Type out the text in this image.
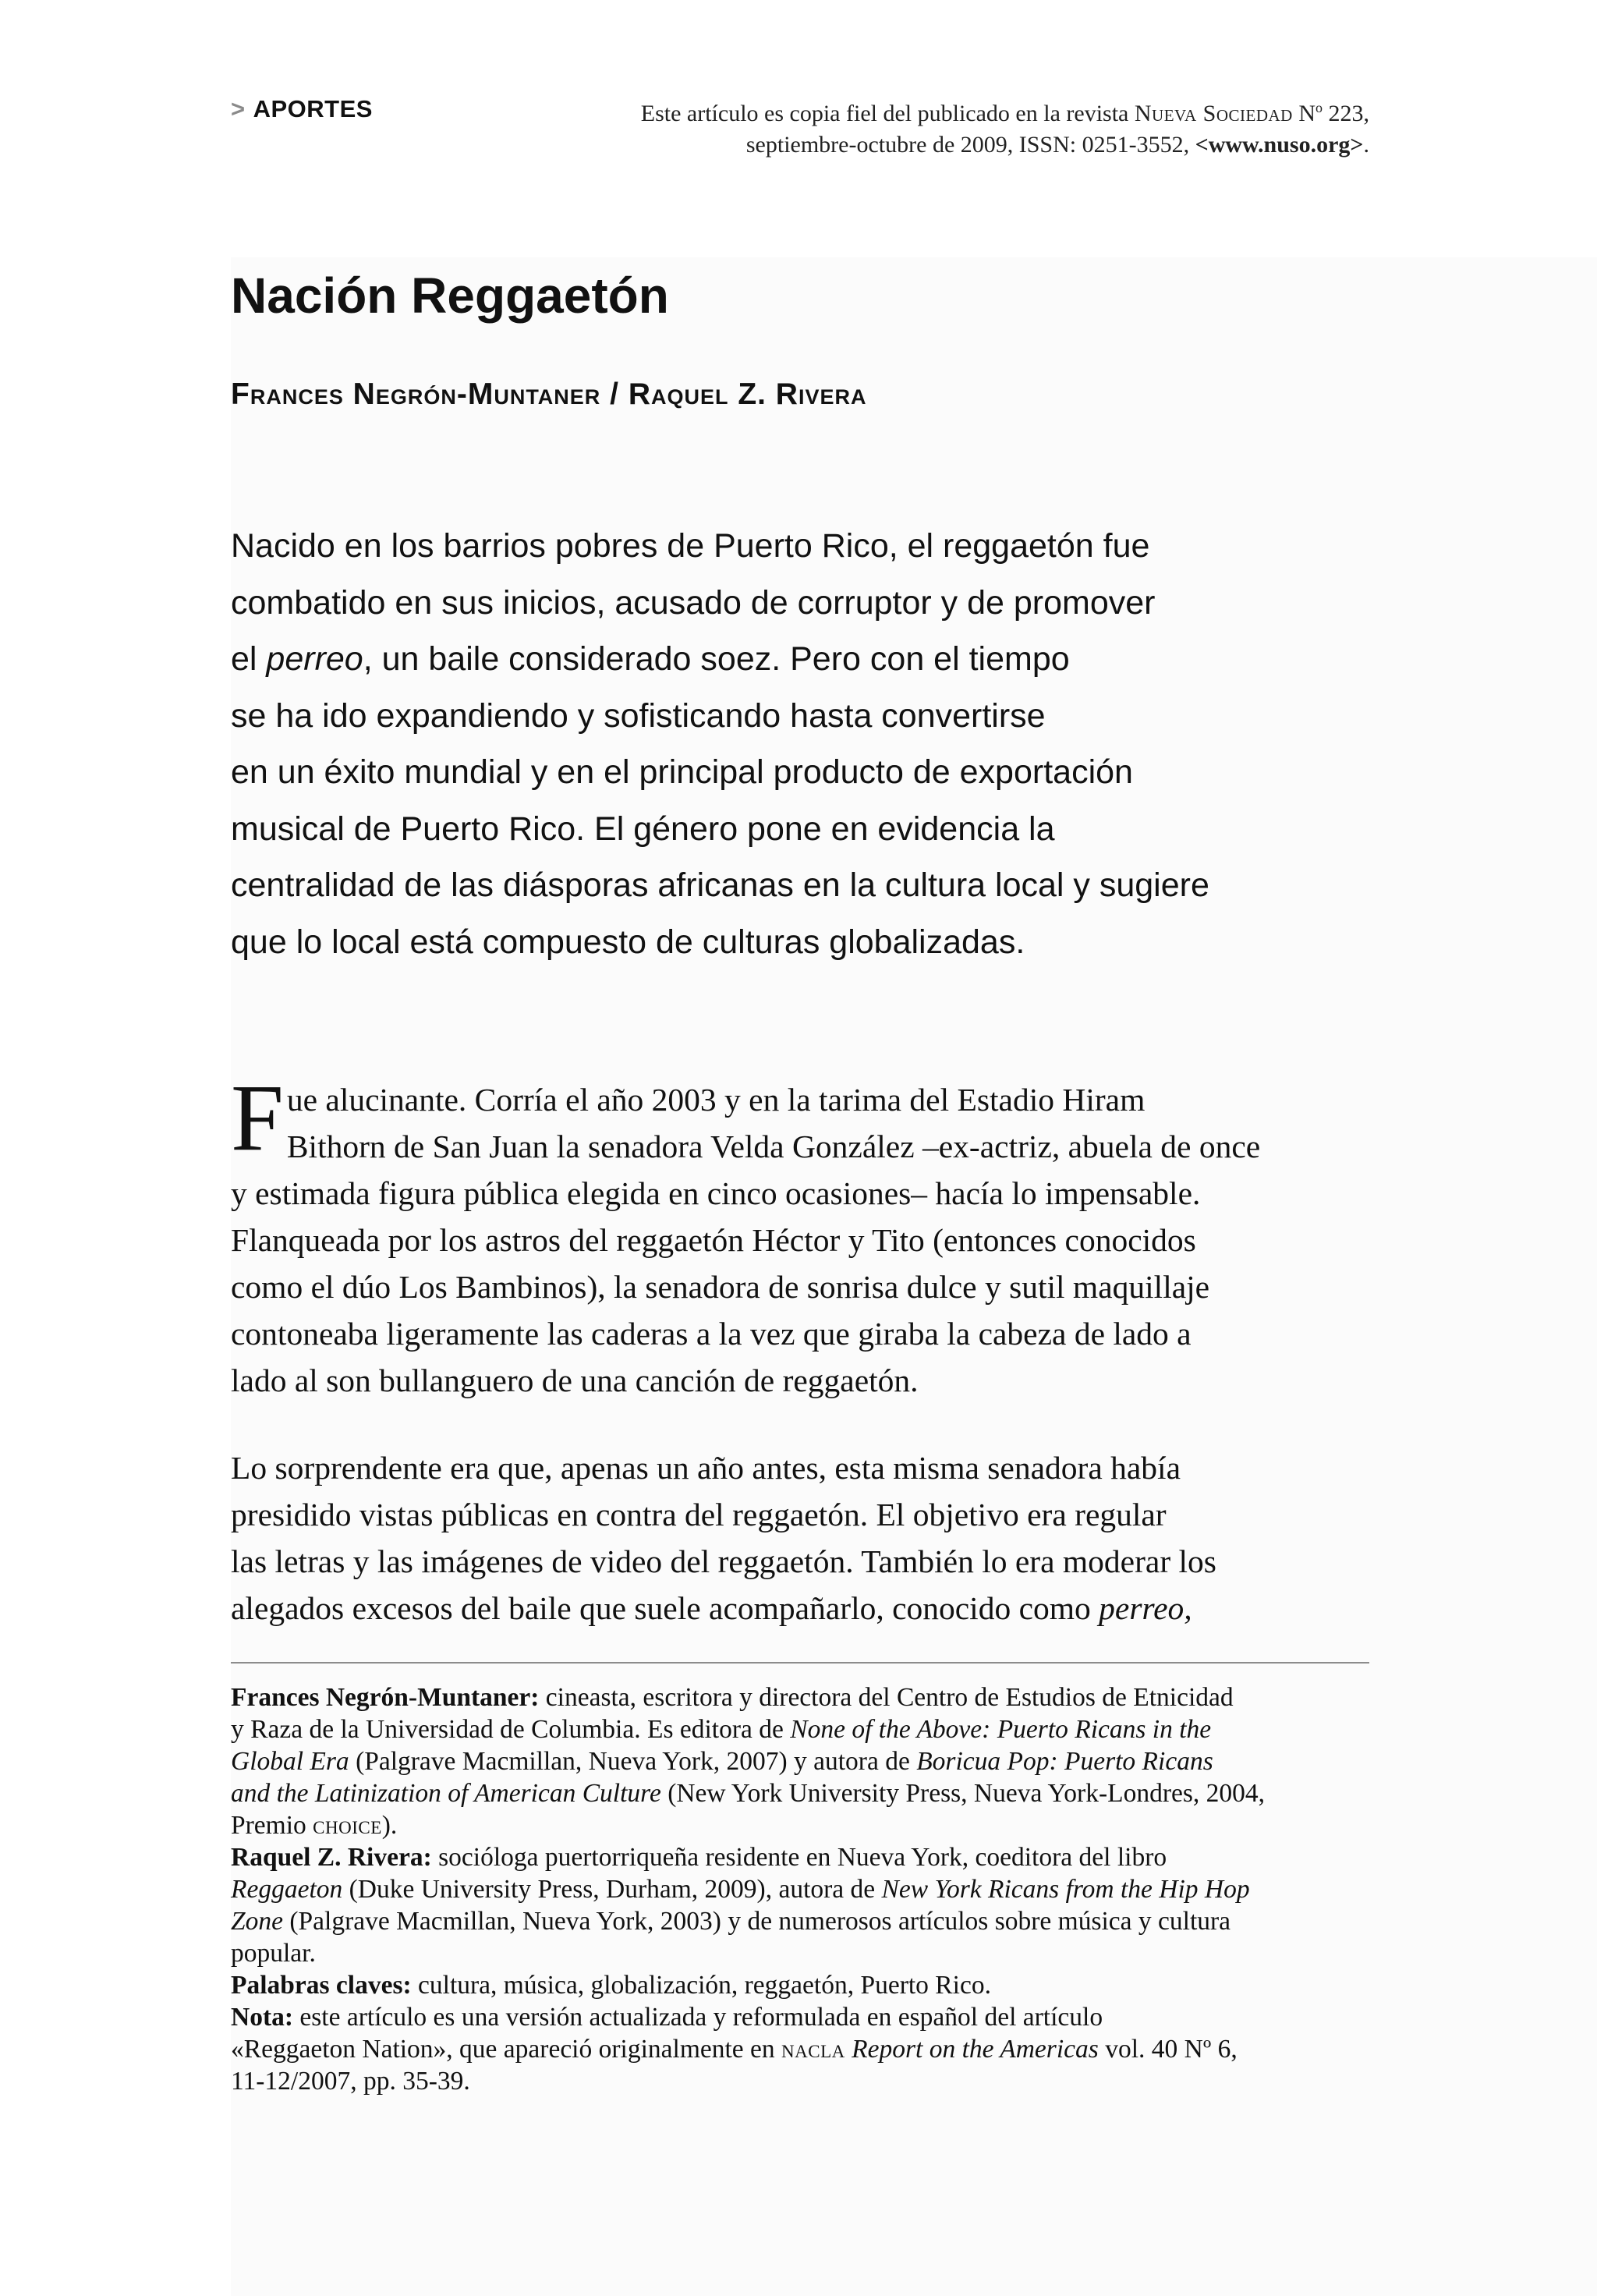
> APORTES	Este artículo es copia fiel del publicado en la revista Nueva Sociedad $N^o$ 223,
septiembre-octubre de 2009, ISSN: 0251-3552, <www.nuso.org>.
Nación Reggaetón
Frances Negrón-Muntaner / Raquel Z. Rivera

Nacido en los barrios pobres de Puerto Rico, el reggaetón fue
combatido en sus inicios, acusado de corruptor y de promover
el perreo, un baile considerado soez. Pero con el tiempo
se ha ido expandiendo y sofisticando hasta convertirse
en un éxito mundial y en el principal producto de exportación
musical de Puerto Rico. El género pone en evidencia la
centralidad de las diásporas africanas en la cultura local y sugiere
que lo local está compuesto de culturas globalizadas.

F ue alucinante. Corría el año 2003 y en la tarima del Estadio Hiram
Bithorn de San Juan la senadora Velda González –ex-actriz, abuela de once
y estimada figura pública elegida en cinco ocasiones– hacía lo impensable.
Flanqueada por los astros del reggaetón Héctor y Tito (entonces conocidos
como el dúo Los Bambinos), la senadora de sonrisa dulce y sutil maquillaje
contoneaba ligeramente las caderas a la vez que giraba la cabeza de lado a
lado al son bullanguero de una canción de reggaetón.

Lo sorprendente era que, apenas un año antes, esta misma senadora había
presidido vistas públicas en contra del reggaetón. El objetivo era regular
las letras y las imágenes de video del reggaetón. También lo era moderar los
alegados excesos del baile que suele acompañarlo, conocido como perreo,

Frances Negrón-Muntaner: cineasta, escritora y directora del Centro de Estudios de Etnicidad
y Raza de la Universidad de Columbia. Es editora de None of the Above: Puerto Ricans in the
Global Era (Palgrave Macmillan, Nueva York, 2007) y autora de Boricua Pop: Puerto Ricans
and the Latinization of American Culture (New York University Press, Nueva York-Londres, 2004,
Premio choice).
Raquel Z. Rivera: socióloga puertorriqueña residente en Nueva York, coeditora del libro
Reggaeton (Duke University Press, Durham, 2009), autora de New York Ricans from the Hip Hop
Zone (Palgrave Macmillan, Nueva York, 2003) y de numerosos artículos sobre música y cultura
popular.
Palabras claves: cultura, música, globalización, reggaetón, Puerto Rico.
Nota: este artículo es una versión actualizada y reformulada en español del artículo
«Reggaeton Nation», que apareció originalmente en nacla Report on the Americas vol. 40 Nº 6,
11-12/2007, pp. 35-39.
